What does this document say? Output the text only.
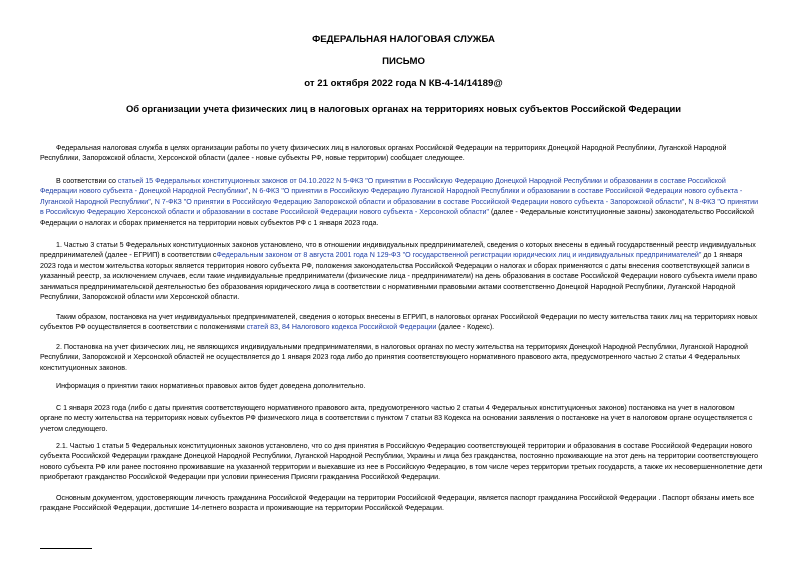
ФЕДЕРАЛЬНАЯ НАЛОГОВАЯ СЛУЖБА
ПИСЬМО
от 21 октября 2022 года N КВ-4-14/14189@
Об организации учета физических лиц в налоговых органах на территориях новых субъектов Российской Федерации
Федеральная налоговая служба в целях организации работы по учету физических лиц в налоговых органах Российской Федерации на территориях Донецкой Народной Республики, Луганской Народной
Республики, Запорожской области, Херсонской области (далее - новые субъекты РФ, новые территории) сообщает следующее.
В соответствии со статьей 15 Федеральных конституционных законов от 04.10.2022 N 5-ФКЗ "О принятии в Российскую Федерацию Донецкой Народной Республики и образовании в составе Российской
Федерации нового субъекта - Донецкой Народной Республики", N 6-ФКЗ "О принятии в Российскую Федерацию Луганской Народной Республики и образовании в составе Российской Федерации нового субъекта -
Луганской Народной Республики", N 7-ФКЗ "О принятии в Российскую Федерацию Запорожской области и образовании в составе Российской Федерации нового субъекта - Запорожской области", N 8-ФКЗ "О принятии
в Российскую Федерацию Херсонской области и образовании в составе Российской Федерации нового субъекта - Херсонской области" (далее - Федеральные конституционные законы) законодательство Российской
Федерации о налогах и сборах применяется на территории новых субъектов РФ с 1 января 2023 года.
1. Частью 3 статьи 5 Федеральных конституционных законов установлено, что в отношении индивидуальных предпринимателей, сведения о которых внесены в единый государственный реестр индивидуальных
предпринимателей (далее - ЕГРИП) в соответствии сФедеральным законом от 8 августа 2001 года N 129-ФЗ "О государственной регистрации юридических лиц и индивидуальных предпринимателей" до 1 января
2023 года и местом жительства которых является территория нового субъекта РФ, положения законодательства Российской Федерации о налогах и сборах применяются с даты внесения соответствующей записи в
указанный реестр, за исключением случаев, если такие индивидуальные предприниматели (физические лица - предприниматели) на день образования в составе Российской Федерации нового субъекта имели право
заниматься предпринимательской деятельностью без образования юридического лица в соответствии с нормативными правовыми актами соответственно Донецкой Народной Республики, Луганской Народной
Республики, Запорожской области или Херсонской области.
Таким образом, постановка на учет индивидуальных предпринимателей, сведения о которых внесены в ЕГРИП, в налоговых органах Российской Федерации по месту жительства таких лиц на территориях новых
субъектов РФ осуществляется в соответствии с положениями статей 83, 84 Налогового кодекса Российской Федерации (далее - Кодекс).
2. Постановка на учет физических лиц, не являющихся индивидуальными предпринимателями, в налоговых органах по месту жительства на территориях Донецкой Народной Республики, Луганской Народной
Республики, Запорожской и Херсонской областей не осуществляется до 1 января 2023 года либо до принятия соответствующего нормативного правового акта, предусмотренного частью 2 статьи 4 Федеральных
конституционных законов.
Информация о принятии таких нормативных правовых актов будет доведена дополнительно.
С 1 января 2023 года (либо с даты принятия соответствующего нормативного правового акта, предусмотренного частью 2 статьи 4 Федеральных конституционных законов) постановка на учет в налоговом
органе по месту жительства на территориях новых субъектов РФ физического лица в соответствии с пунктом 7 статьи 83 Кодекса на основании заявления о постановке на учет в налоговом органе осуществляется с
учетом следующего.
2.1. Частью 1 статьи 5 Федеральных конституционных законов установлено, что со дня принятия в Российскую Федерацию соответствующей территории и образования в составе Российской Федерации нового
субъекта Российской Федерации граждане Донецкой Народной Республики, Луганской Народной Республики, Украины и лица без гражданства, постоянно проживающие на этот день на территории соответствующего
нового субъекта РФ или ранее постоянно проживавшие на указанной территории и выехавшие из нее в Российскую Федерацию, в том числе через территории третьих государств, а также их несовершеннолетние дети
приобретают гражданство Российской Федерации при условии принесения Присяги гражданина Российской Федерации.
Основным документом, удостоверяющим личность гражданина Российской Федерации на территории Российской Федерации, является паспорт гражданина Российской Федерации . Паспорт обязаны иметь все
граждане Российской Федерации, достигшие 14-летнего возраста и проживающие на территории Российской Федерации.
